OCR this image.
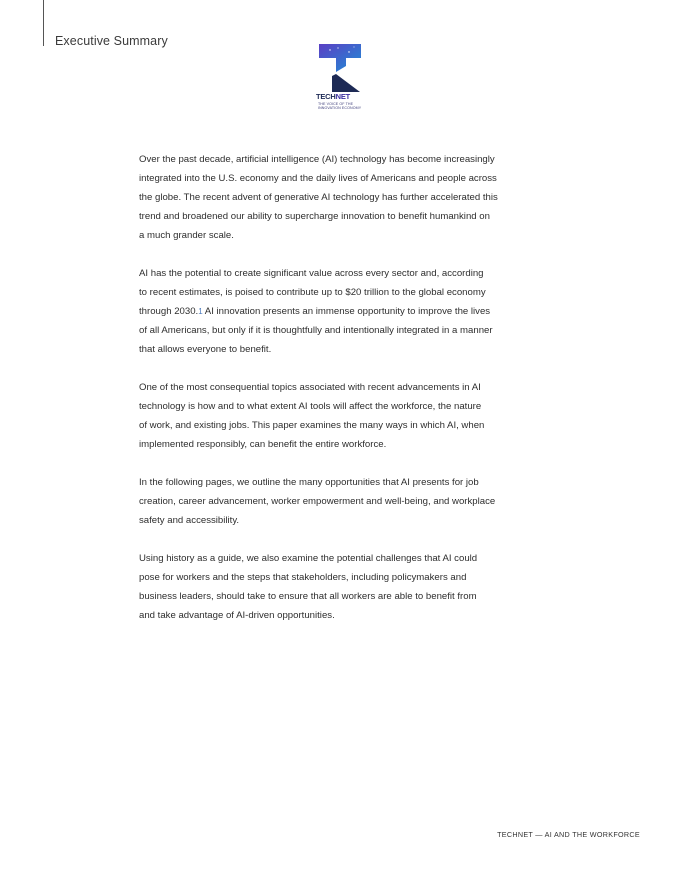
Executive Summary
TECHNET
THE VOICE OF THE INNOVATION ECONOMY
Over the past decade, artificial intelligence (AI) technology has become increasingly
integrated into the U.S. economy and the daily lives of Americans and people across
the globe. The recent advent of generative AI technology has further accelerated this
trend and broadened our ability to supercharge innovation to benefit humankind on
a much grander scale.
AI has the potential to create significant value across every sector and, according
to recent estimates, is poised to contribute up to $20 trillion to the global economy
through 2030.1 AI innovation presents an immense opportunity to improve the lives
of all Americans, but only if it is thoughtfully and intentionally integrated in a manner
that allows everyone to benefit.
One of the most consequential topics associated with recent advancements in AI
technology is how and to what extent AI tools will affect the workforce, the nature
of work, and existing jobs. This paper examines the many ways in which AI, when
implemented responsibly, can benefit the entire workforce.
In the following pages, we outline the many opportunities that AI presents for job
creation, career advancement, worker empowerment and well-being, and workplace
safety and accessibility.
Using history as a guide, we also examine the potential challenges that AI could
pose for workers and the steps that stakeholders, including policymakers and
business leaders, should take to ensure that all workers are able to benefit from
and take advantage of AI-driven opportunities.
TECHNET — AI AND THE WORKFORCE
